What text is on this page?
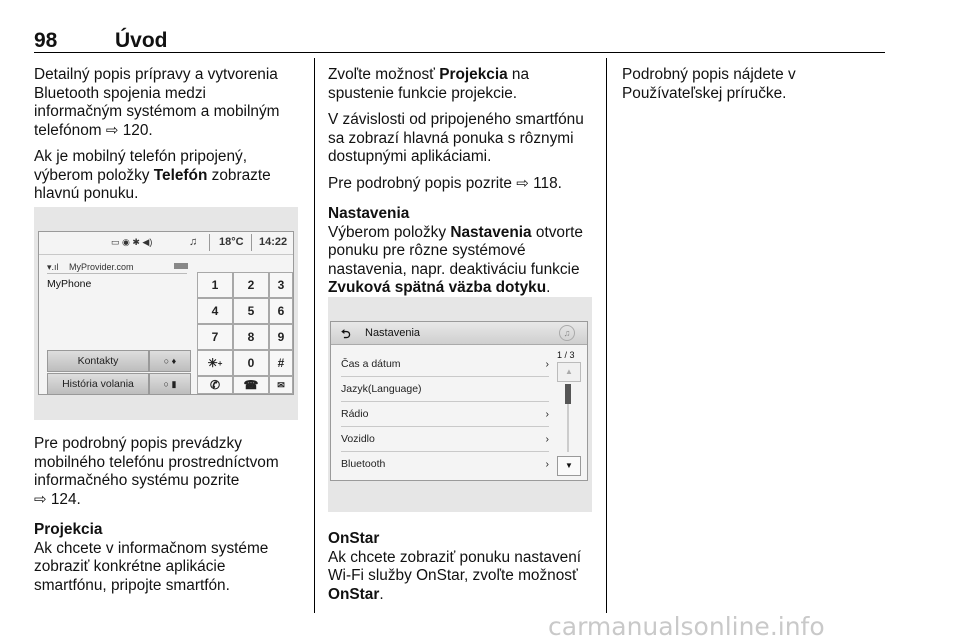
98	Úvod

Detailný popis prípravy a vytvorenia
Bluetooth spojenia medzi
informačným systémom a mobilným
telefónom ⇨ 120.

Ak je mobilný telefón pripojený,
výberom položky Telefón zobrazte
hlavnú ponuku.

▭ ◉ ✱ ◀)	♫ 18°C 14:22
▾.ıl MyProvider.com
MyPhone	1	2	3
4	5	6
7	8	9
✳ +	0	#
✆	☎	✉
Kontakty	○ ♦
História volania	○ ▮

Pre podrobný popis prevádzky
mobilného telefónu prostredníctvom
informačného systému pozrite
⇨ 124.

Projekcia

Ak chcete v informačnom systéme
zobraziť konkrétne aplikácie
smartfónu, pripojte smartfón.

Zvoľte možnosť Projekcia na
spustenie funkcie projekcie.

V závislosti od pripojeného smartfónu
sa zobrazí hlavná ponuka s rôznymi
dostupnými aplikáciami.

Pre podrobný popis pozrite ⇨ 118.

Nastavenia

Výberom položky Nastavenia otvorte
ponuku pre rôzne systémové
nastavenia, napr. deaktiváciu funkcie
Zvuková spätná väzba dotyku.

⮌ Nastavenia	♫
Čas a dátum	›
Jazyk(Language)
Rádio	›
Vozidlo	›
Bluetooth	›
1 / 3
▲
▼
OnStar

Ak chcete zobraziť ponuku nastavení
Wi-Fi služby OnStar, zvoľte možnosť
OnStar.

Podrobný popis nájdete v
Používateľskej príručke.

carmanualsonline.info
